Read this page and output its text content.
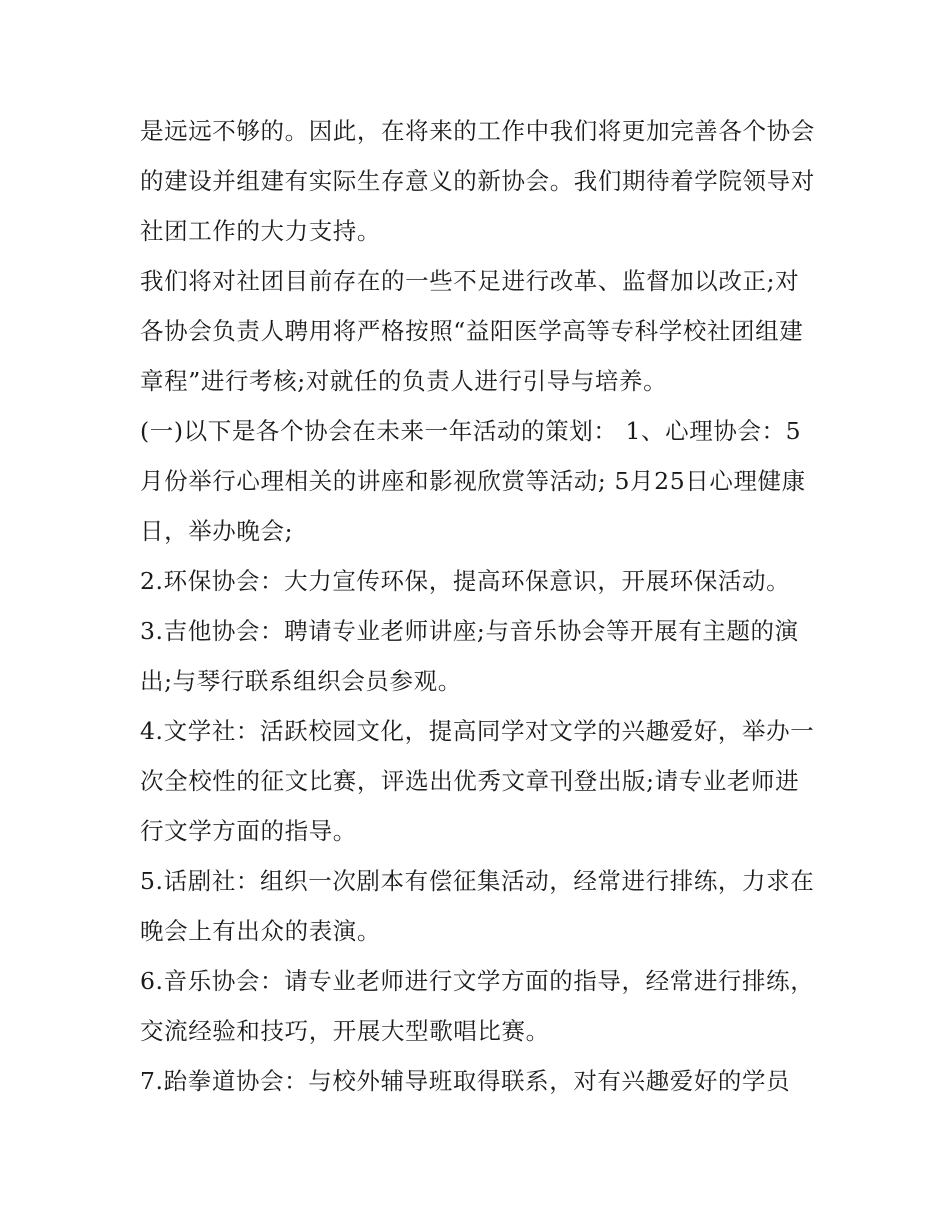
是远远不够的。因此，在将来的工作中我们将更加完善各个协会的建设并组建有实际生存意义的新协会。我们期待着学院领导对社团工作的大力支持。

我们将对社团目前存在的一些不足进行改革、监督加以改正;对各协会负责人聘用将严格按照“益阳医学高等专科学校社团组建章程”进行考核;对就任的负责人进行引导与培养。

(一)以下是各个协会在未来一年活动的策划： 1、心理协会：5月份举行心理相关的讲座和影视欣赏等活动; 5月25日心理健康日，举办晚会;

2.环保协会：大力宣传环保，提高环保意识，开展环保活动。

3.吉他协会：聘请专业老师讲座;与音乐协会等开展有主题的演出;与琴行联系组织会员参观。

4.文学社：活跃校园文化，提高同学对文学的兴趣爱好，举办一次全校性的征文比赛，评选出优秀文章刊登出版;请专业老师进行文学方面的指导。

5.话剧社：组织一次剧本有偿征集活动，经常进行排练，力求在晚会上有出众的表演。

6.音乐协会：请专业老师进行文学方面的指导，经常进行排练，交流经验和技巧，开展大型歌唱比赛。

7.跆拳道协会：与校外辅导班取得联系，对有兴趣爱好的学员
